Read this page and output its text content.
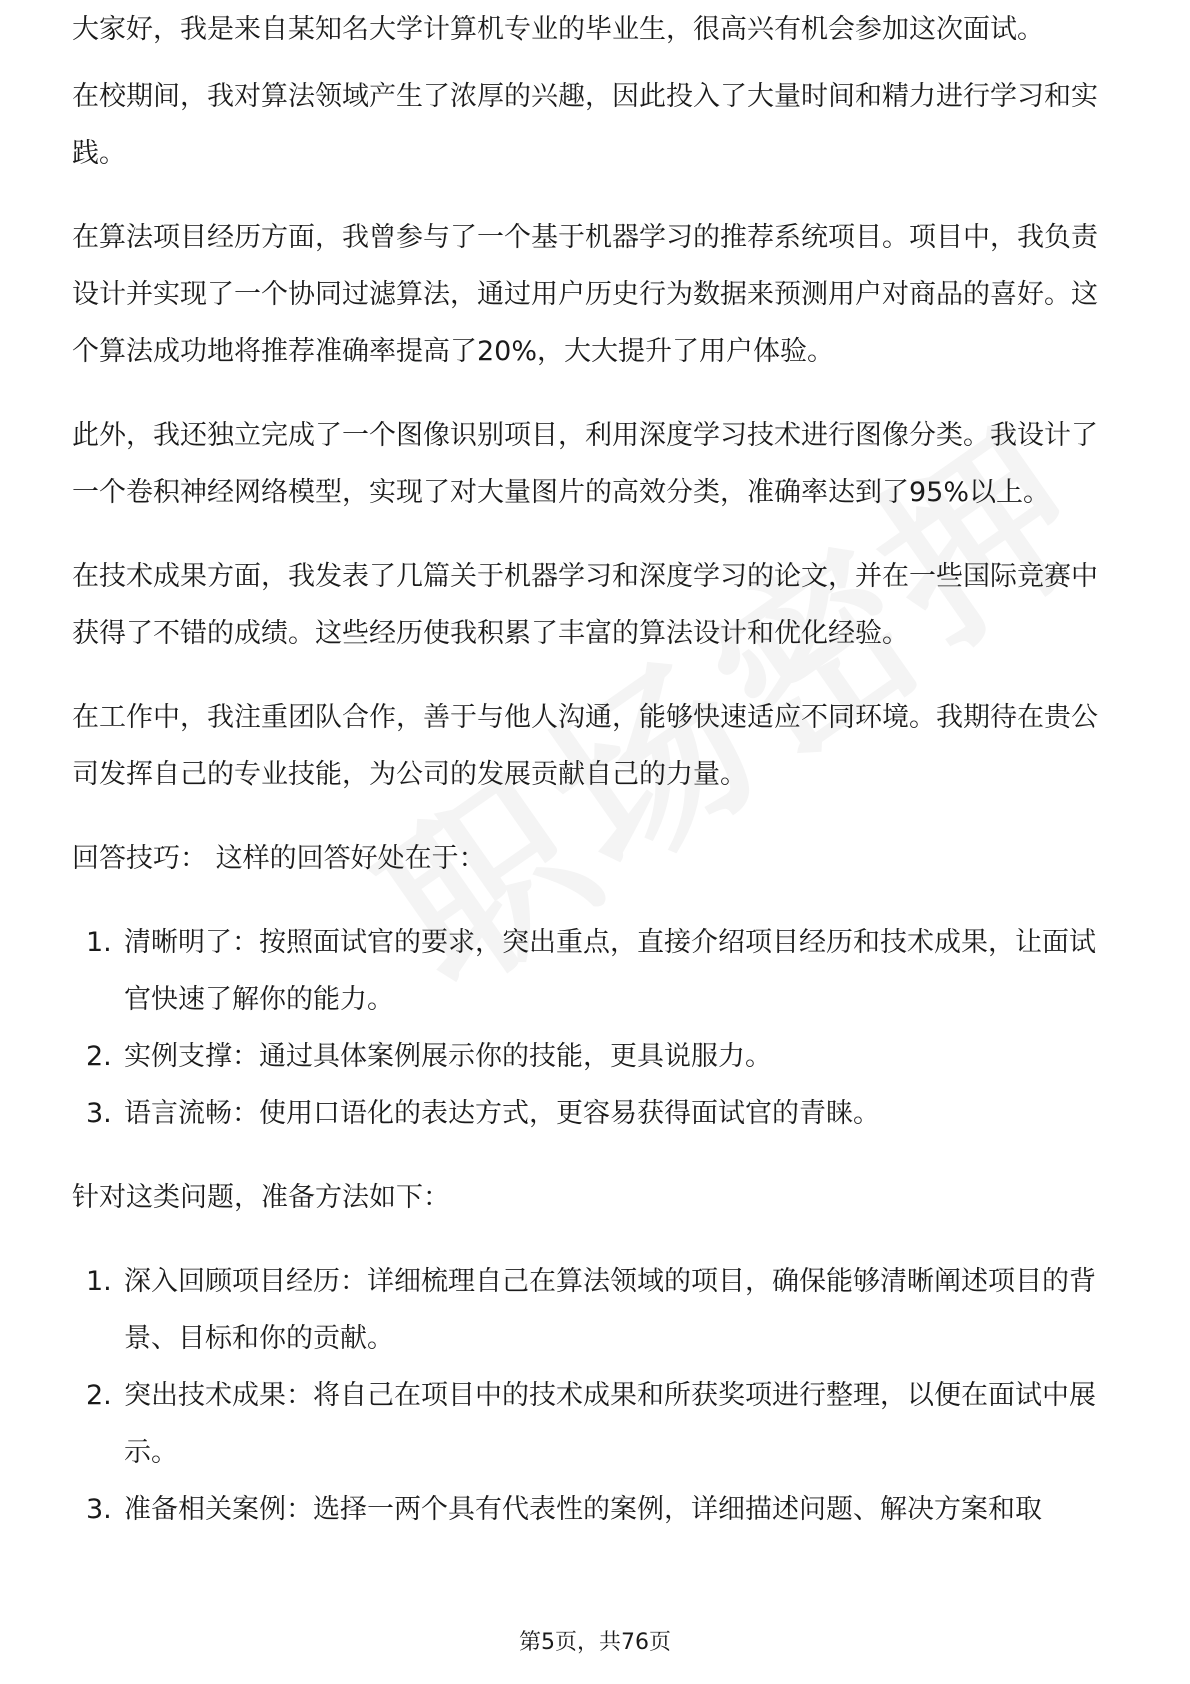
大家好，我是来自某知名大学计算机专业的毕业生，很高兴有机会参加这次面试。

在校期间，我对算法领域产生了浓厚的兴趣，因此投入了大量时间和精力进行学习和实践。

在算法项目经历方面，我曾参与了一个基于机器学习的推荐系统项目。项目中，我负责设计并实现了一个协同过滤算法，通过用户历史行为数据来预测用户对商品的喜好。这个算法成功地将推荐准确率提高了20%，大大提升了用户体验。

此外，我还独立完成了一个图像识别项目，利用深度学习技术进行图像分类。我设计了一个卷积神经网络模型，实现了对大量图片的高效分类，准确率达到了95%以上。

在技术成果方面，我发表了几篇关于机器学习和深度学习的论文，并在一些国际竞赛中获得了不错的成绩。这些经历使我积累了丰富的算法设计和优化经验。

在工作中，我注重团队合作，善于与他人沟通，能够快速适应不同环境。我期待在贵公司发挥自己的专业技能，为公司的发展贡献自己的力量。

回答技巧： 这样的回答好处在于：

1. 清晰明了：按照面试官的要求，突出重点，直接介绍项目经历和技术成果，让面试官快速了解你的能力。
2. 实例支撑：通过具体案例展示你的技能，更具说服力。
3. 语言流畅：使用口语化的表达方式，更容易获得面试官的青睐。

针对这类问题，准备方法如下：

1. 深入回顾项目经历：详细梳理自己在算法领域的项目，确保能够清晰阐述项目的背景、目标和你的贡献。
2. 突出技术成果：将自己在项目中的技术成果和所获奖项进行整理，以便在面试中展示。
3. 准备相关案例：选择一两个具有代表性的案例，详细描述问题、解决方案和取
第5页，共76页
